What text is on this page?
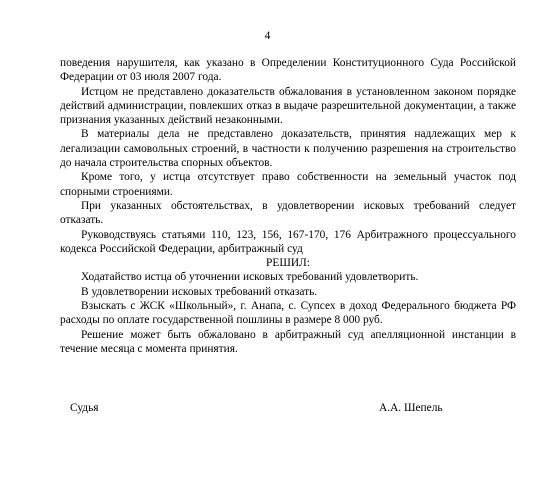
4

поведения нарушителя, как указано в Определении Конституционного Суда Российской Федерации от 03 июля 2007 года.

Истцом не представлено доказательств обжалования в установленном законом порядке действий администрации, повлекших отказ в выдаче разрешительной документации, а также признания указанных действий незаконными.

В материалы дела не представлено доказательств, принятия надлежащих мер к легализации самовольных строений, в частности к получению разрешения на строительство до начала строительства спорных объектов.

Кроме того, у истца отсутствует право собственности на земельный участок под спорными строениями.

При указанных обстоятельствах, в удовлетворении исковых требований следует отказать.

Руководствуясь статьями 110, 123, 156, 167-170, 176 Арбитражного процессуального кодекса Российской Федерации, арбитражный суд

РЕШИЛ:

Ходатайство истца об уточнении исковых требований удовлетворить.

В удовлетворении исковых требований отказать.

Взыскать с ЖСК «Школьный», г. Анапа, с. Супсех в доход Федерального бюджета РФ расходы по оплате государственной пошлины в размере 8 000 руб.

Решение может быть обжаловано в арбитражный суд апелляционной инстанции в течение месяца с момента принятия.

Судья	А.А. Шепель
